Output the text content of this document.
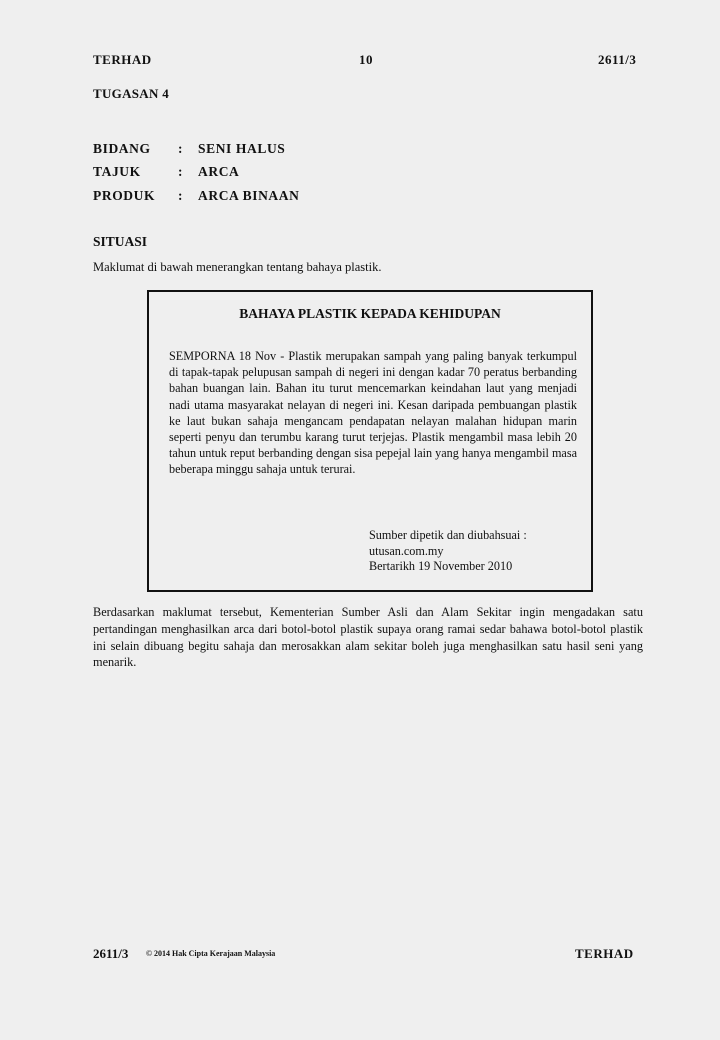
TERHAD	10	2611/3
TUGASAN 4
BIDANG : SENI HALUS
TAJUK	: ARCA
PRODUK : ARCA BINAAN
SITUASI
Maklumat di bawah menerangkan tentang bahaya plastik.
BAHAYA PLASTIK KEPADA KEHIDUPAN
SEMPORNA 18 Nov - Plastik merupakan sampah yang paling banyak terkumpul di tapak-tapak pelupusan sampah di negeri ini dengan kadar 70 peratus berbanding bahan buangan lain. Bahan itu turut mencemarkan keindahan laut yang menjadi nadi utama masyarakat nelayan di negeri ini. Kesan daripada pembuangan plastik ke laut bukan sahaja mengancam pendapatan nelayan malahan hidupan marin seperti penyu dan terumbu karang turut terjejas. Plastik mengambil masa lebih 20 tahun untuk reput berbanding dengan sisa pepejal lain yang hanya mengambil masa beberapa minggu sahaja untuk terurai.
Sumber dipetik dan diubahsuai :
utusan.com.my
Bertarikh 19 November 2010
Berdasarkan maklumat tersebut, Kementerian Sumber Asli dan Alam Sekitar ingin mengadakan satu pertandingan menghasilkan arca dari botol-botol plastik supaya orang ramai sedar bahawa botol-botol plastik ini selain dibuang begitu sahaja dan merosakkan alam sekitar boleh juga menghasilkan satu hasil seni yang menarik.
2611/3 © 2014 Hak Cipta Kerajaan Malaysia	TERHAD
